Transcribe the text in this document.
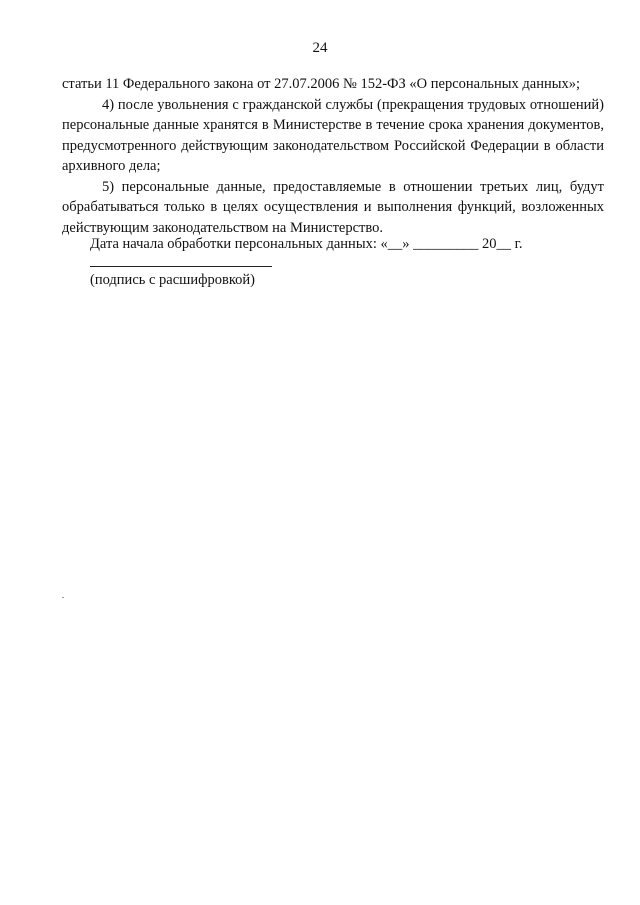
24

статьи 11 Федерального закона от 27.07.2006 № 152-ФЗ «О персональных данных»;

4) после увольнения с гражданской службы (прекращения трудовых отношений) персональные данные хранятся в Министерстве в течение срока хранения документов, предусмотренного действующим законодательством Российской Федерации в области архивного дела;

5) персональные данные, предоставляемые в отношении третьих лиц, будут обрабатываться только в целях осуществления и выполнения функций, возложенных действующим законодательством на Министерство.

Дата начала обработки персональных данных: «__» _________ 20__ г.
(подпись с расшифровкой)
